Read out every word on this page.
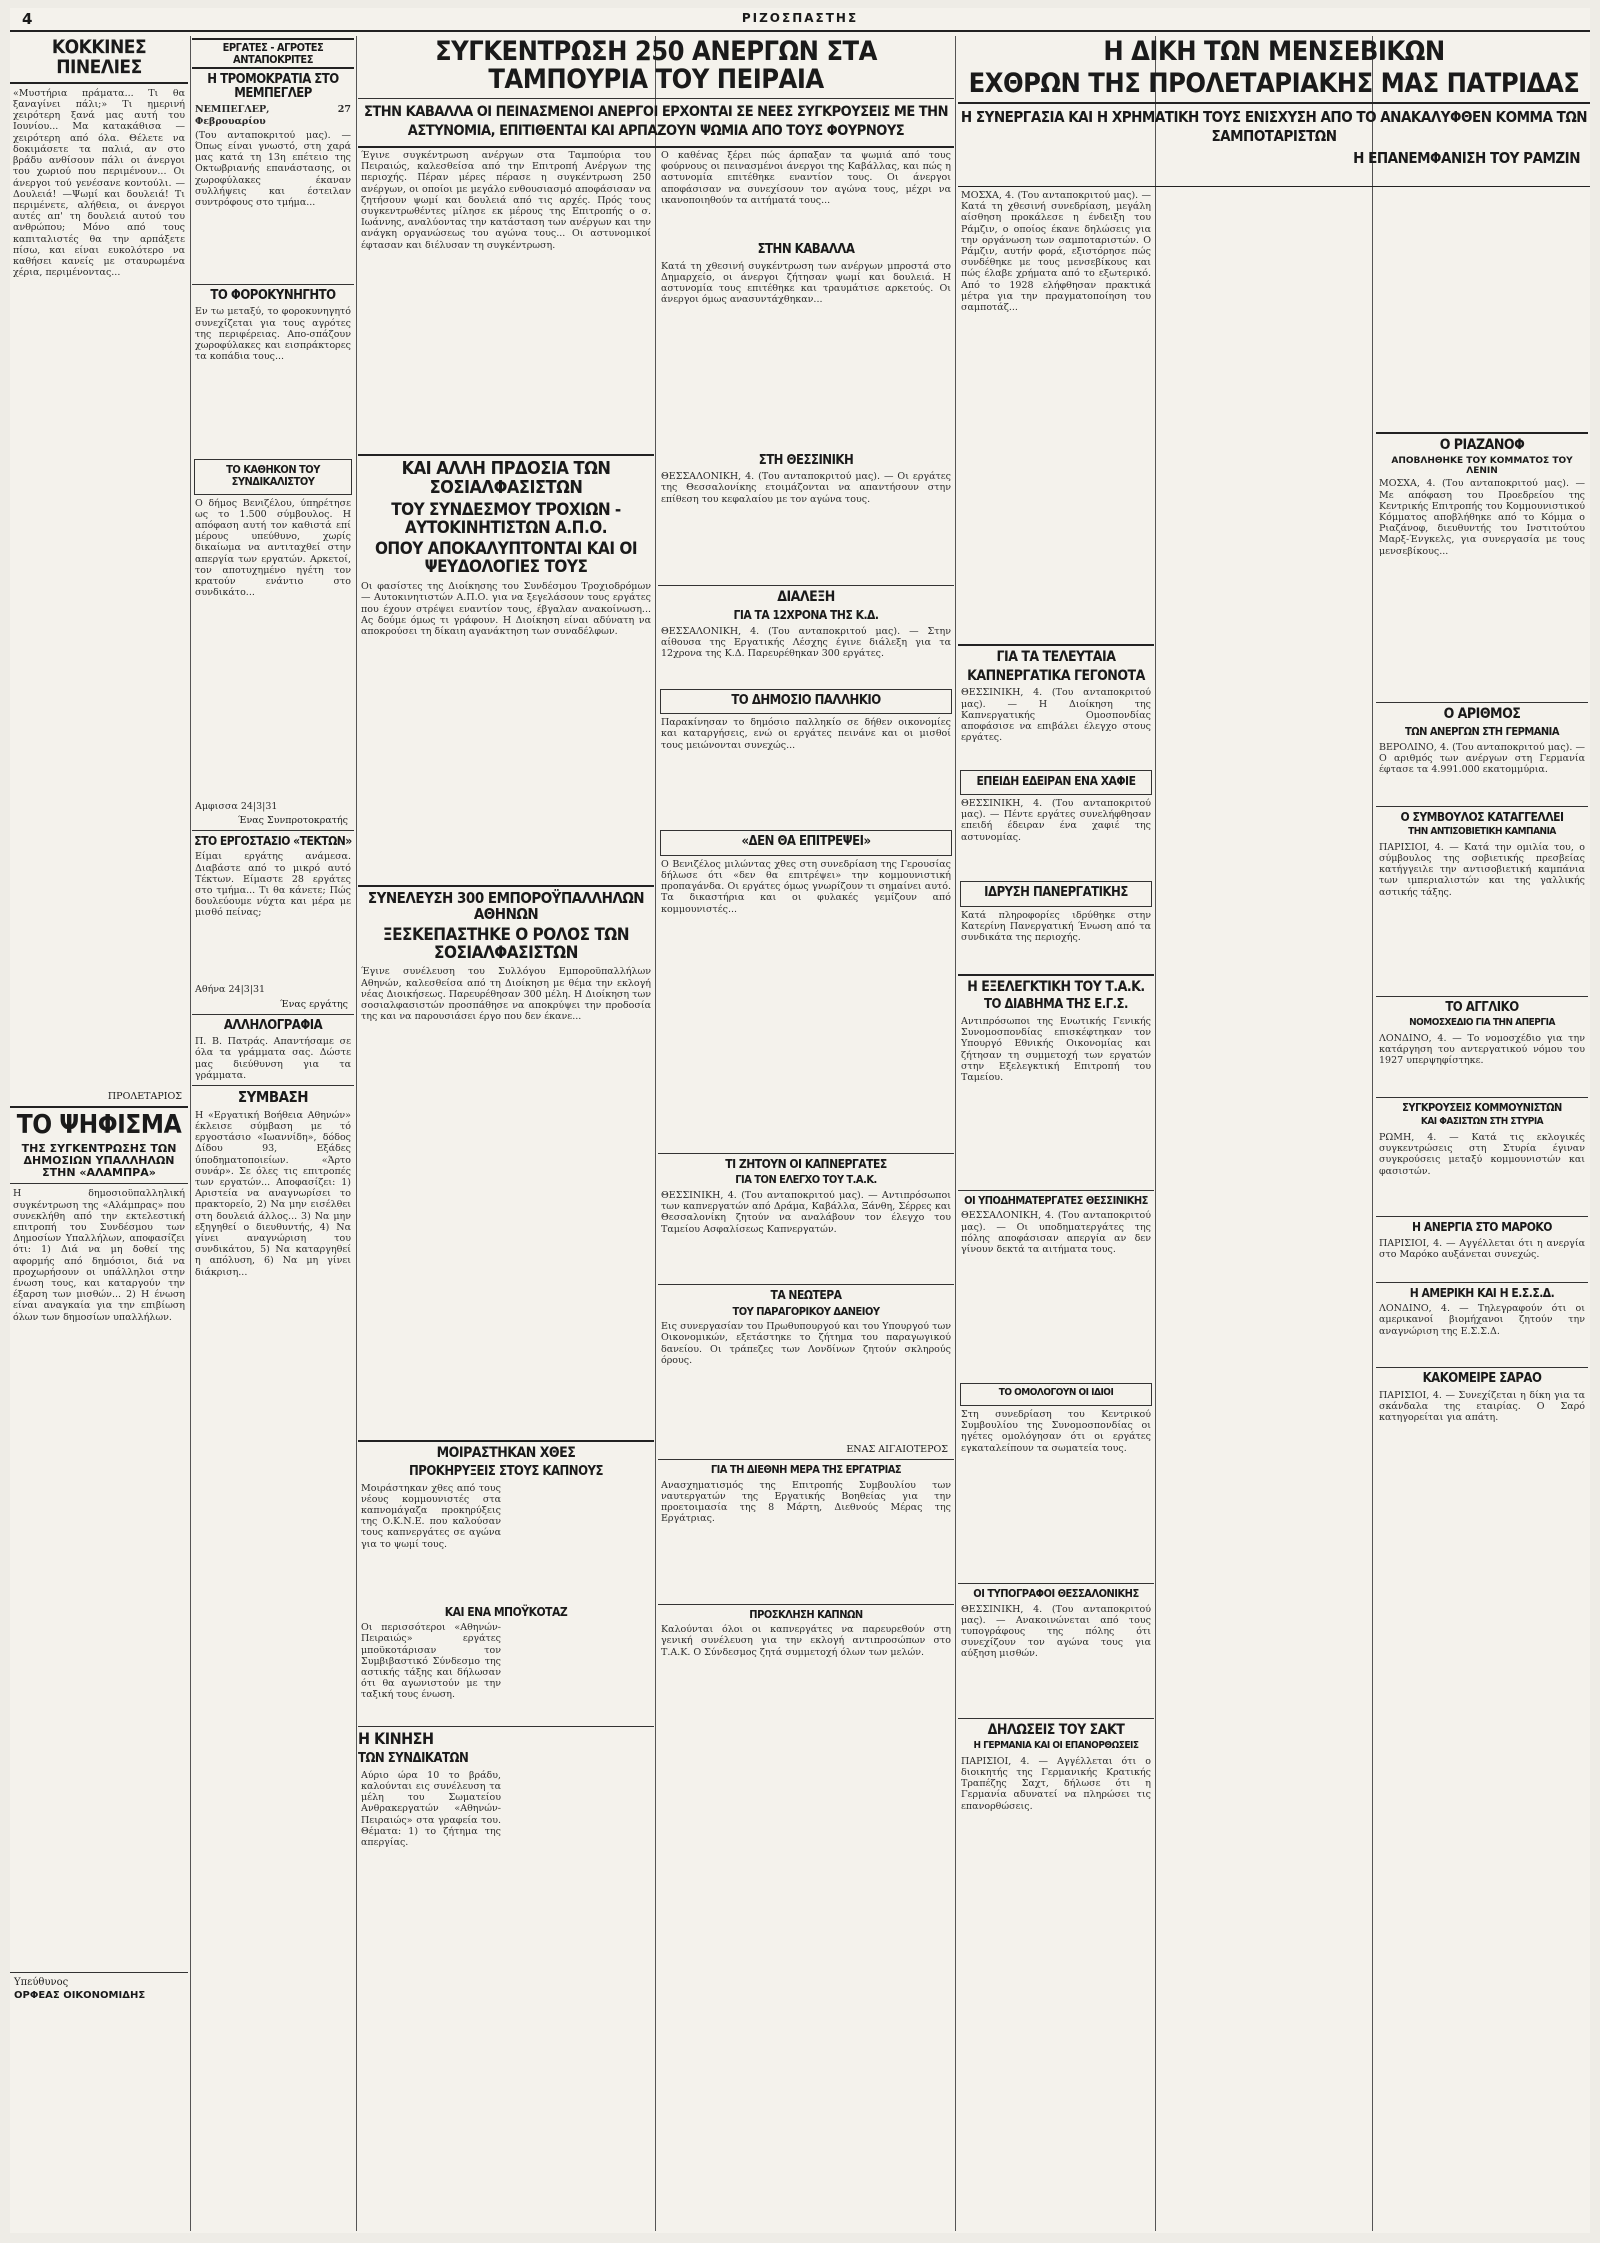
4	ΡΙΖΟΣΠΑΣΤΗΣ
ΚΟΚΚΙΝΕΣ ΠΙΝΕΛΙΕΣ
«Μυστήρια πράματα... Τι θα ξαναγίνει πάλι;» Τι ημερινή χειρότερη ξανά μας αυτή του Ιουνίου... Μα κατακάθισα — χειρότερη από όλα. Θέλετε να δοκιμάσετε τα παλιά, αν στο βράδυ ανθίσουν πάλι οι άνεργοι του χωριού που περιμένουν... Οι άνεργοι τού γενέσανε κοντούλι. —Δουλειά! —Ψωμί και δουλειά! Τι περιμένετε, αλήθεια, οι άνεργοι αυτές απ' τη δουλειά αυτού του ανθρώπου; Μόνο από τους καπιταλιστές θα την αρπάξετε πίσω, και είναι ευκολότερο να καθήσει κανείς με σταυρωμένα χέρια, περιμένοντας...
ΠΡΟΛΕΤΑΡΙΟΣ
ΤΟ ΨΗΦΙΣΜΑ
ΤΗΣ ΣΥΓΚΕΝΤΡΩΣΗΣ ΤΩΝ ΔΗΜΟΣΙΩΝ ΥΠΑΛΛΗΛΩΝ ΣΤΗΝ «ΑΛΑΜΠΡΑ»
Η δημοσιοϋπαλληλική συγκέντρωση της «Αλάμπρας» που συνεκλήθη από την εκτελεστική επιτροπή του Συνδέσμου των Δημοσίων Υπαλλήλων, αποφασίζει ότι: 1) Διά να μη δοθεί της αφορμής από δημόσιοι, διά να προχωρήσουν οι υπάλληλοι στην ένωση τους, και καταργούν την έξαρση των μισθών... 2) Η ένωση είναι αναγκαία για την επιβίωση όλων των δημοσίων υπαλλήλων.
Υπεύθυνος
ΟΡΦΕΑΣ ΟΙΚΟΝΟΜΙΔΗΣ
ΕΡΓΑΤΕΣ - ΑΓΡΟΤΕΣ ΑΝΤΑΠΟΚΡΙΤΕΣ
Η ΤΡΟΜΟΚΡΑΤΙΑ ΣΤΟ ΜΕΜΠΕΓΛΕΡ
ΝΕΜΠΕΓΛΕΡ, 27 Φεβρουαρίου
(Του ανταποκριτού μας). — Όπως είναι γνωστό, στη χαρά μας κατά τη 13η επέτειο της Οκτωβριανής επανάστασης, οι χωροφύλακες έκαναν συλλήψεις και έστειλαν συντρόφους στο τμήμα...
ΤΟ ΦΟΡΟΚΥΝΗΓΗΤΟ
Εν τω μεταξύ, το φοροκυνηγητό συνεχίζεται για τους αγρότες της περιφέρειας. Απο-σπάζουν χωροφύλακες και εισπράκτορες τα κοπάδια τους...
ΤΟ ΚΑΘΗΚΟΝ ΤΟΥ ΣΥΝΔΙΚΑΛΙΣΤΟΥ
Ο δήμος Βενιζέλου, ύπηρέτησε ως το 1.500 σύμβουλος. Η απόφαση αυτή τον καθιστά επί μέρους υπεύθυνο, χωρίς δικαίωμα να αντιταχθεί στην απεργία των εργατών. Αρκετοί, τον αποτυχημένο ηγέτη τον κρατούν ενάντιο στο συνδικάτο...
Αμφισσα 24|3|31
Ένας Συνπροτοκρατής
ΣΤΟ ΕΡΓΟΣΤΑΣΙΟ «ΤΕΚΤΩΝ»
Είμαι εργάτης ανάμεσα. Διαβάστε από το μικρό αυτό Τέκτων. Είμαστε 28 εργάτες στο τμήμα... Τι θα κάνετε; Πώς δουλεύουμε νύχτα και μέρα με μισθό πείνας;
Αθήνα 24|3|31
Ένας εργάτης
ΑΛΛΗΛΟΓΡΑΦΙΑ
Π. Β. Πατράς. Απαντήσαμε σε όλα τα γράμματα σας. Δώστε μας διεύθυνση για τα γράμματα.
ΣΥΜΒΑΣΗ
Η «Εργατική Βοήθεια Αθηνών» έκλεισε σύμβαση με τό εργοστάσιο «Ιωαννίδη», δόδος Δίδου 93, Εξάδες ύποδηματοποιείων. «Άρτο συνάρ». Σε όλες τις επιτροπές των εργατών... Αποφασίζει: 1) Αριστεία να αναγνωρίσει το πρακτορείο, 2) Να μην εισέλθει στη δουλειά άλλος... 3) Να μην εξηγηθεί ο διευθυντής, 4) Να γίνει αναγνώριση του συνδικάτου, 5) Να καταργηθεί η απόλυση, 6) Να μη γίνει διάκριση...
ΣΥΓΚΕΝΤΡΩΣΗ 250 ΑΝΕΡΓΩΝ ΣΤΑ ΤΑΜΠΟΥΡΙΑ ΤΟΥ ΠΕΙΡΑΙΑ
ΣΤΗΝ ΚΑΒΑΛΛΑ ΟΙ ΠΕΙΝΑΣΜΕΝΟΙ ΑΝΕΡΓΟΙ ΕΡΧΟΝΤΑΙ ΣΕ ΝΕΕΣ ΣΥΓΚΡΟΥΣΕΙΣ ΜΕ ΤΗΝ ΑΣΤΥΝΟΜΙΑ, ΕΠΙΤΙΘΕΝΤΑΙ ΚΑΙ ΑΡΠΑΖΟΥΝ ΨΩΜΙΑ ΑΠΟ ΤΟΥΣ ΦΟΥΡΝΟΥΣ
Έγινε συγκέντρωση ανέργων στα Ταμπούρια του Πειραιώς, καλεσθείσα από την Επιτροπή Ανέργων της περιοχής. Πέραν μέρες πέρασε η συγκέντρωση 250 ανέργων, οι οποίοι με μεγάλο ενθουσιασμό αποφάσισαν να ζητήσουν ψωμί και δουλειά από τις αρχές. Πρός τους συγκεντρωθέντες μίλησε εκ μέρους της Επιτροπής ο σ. Ιωάννης, αναλύοντας την κατάσταση των ανέργων και την ανάγκη οργανώσεως του αγώνα τους... Οι αστυνομικοί έφτασαν και διέλυσαν τη συγκέντρωση.
ΚΑΙ ΑΛΛΗ ΠΡΔΟΣΙΑ ΤΩΝ ΣΟΣΙΑΛΦΑΣΙΣΤΩΝ
ΤΟΥ ΣΥΝΔΕΣΜΟΥ ΤΡΟΧΙΩΝ - ΑΥΤΟΚΙΝΗΤΙΣΤΩΝ Α.Π.Ο.
ΟΠΟΥ ΑΠΟΚΑΛΥΠΤΟΝΤΑΙ ΚΑΙ ΟΙ ΨΕΥΔΟΛΟΓΙΕΣ ΤΟΥΣ
Οι φασίστες της Διοίκησης του Συνδέσμου Τροχιοδρόμων — Αυτοκινητιστών Α.Π.Ο. για να ξεγελάσουν τους εργάτες που έχουν στρέψει εναντίον τους, έβγαλαν ανακοίνωση... Ας δούμε όμως τι γράφουν. Η Διοίκηση είναι αδύνατη να αποκρούσει τη δίκαιη αγανάκτηση των συναδέλφων.
ΣΥΝΕΛΕΥΣΗ 300 ΕΜΠΟΡΟΫΠΑΛΛΗΛΩΝ ΑΘΗΝΩΝ
ΞΕΣΚΕΠΑΣΤΗΚΕ Ο ΡΟΛΟΣ ΤΩΝ ΣΟΣΙΑΛΦΑΣΙΣΤΩΝ
Έγινε συνέλευση του Συλλόγου Εμποροϋπαλλήλων Αθηνών, καλεσθείσα από τη Διοίκηση με θέμα την εκλογή νέας Διοικήσεως. Παρευρέθησαν 300 μέλη. Η Διοίκηση των σοσιαλφασιστών προσπάθησε να αποκρύψει την προδοσία της και να παρουσιάσει έργο που δεν έκανε...
ΜΟΙΡΑΣΤΗΚΑΝ ΧΘΕΣ
ΠΡΟΚΗΡΥΞΕΙΣ ΣΤΟΥΣ ΚΑΠΝΟΥΣ
Μοιράστηκαν χθες από τους νέους κομμουνιστές στα καπνομάγαζα προκηρύξεις της Ο.Κ.Ν.Ε. που καλούσαν τους καπνεργάτες σε αγώνα για το ψωμί τους.
ΚΑΙ ΕΝΑ ΜΠΟΫΚΟΤΑΖ
Οι περισσότεροι «Αθηνών-Πειραιώς» εργάτες μποϋκοτάρισαν τον Συμβιβαστικό Σύνδεσμο της αστικής τάξης και δήλωσαν ότι θα αγωνιστούν με την ταξική τους ένωση.
Η ΚΙΝΗΣΗ
ΤΩΝ ΣΥΝΔΙΚΑΤΩΝ
Αύριο ώρα 10 το βράδυ, καλούνται εις συνέλευση τα μέλη του Σωματείου Ανθρακεργατών «Αθηνών-Πειραιώς» στα γραφεία του. Θέματα: 1) το ζήτημα της απεργίας.
Ο καθένας ξέρει πώς άρπαξαν τα ψωμιά από τους φούρνους οι πεινασμένοι άνεργοι της Καβάλλας, και πώς η αστυνομία επιτέθηκε εναντίον τους. Οι άνεργοι αποφάσισαν να συνεχίσουν τον αγώνα τους, μέχρι να ικανοποιηθούν τα αιτήματά τους...
ΣΤΗΝ ΚΑΒΑΛΛΑ
Κατά τη χθεσινή συγκέντρωση των ανέργων μπροστά στο Δημαρχείο, οι άνεργοι ζήτησαν ψωμί και δουλειά. Η αστυνομία τους επιτέθηκε και τραυμάτισε αρκετούς. Οι άνεργοι όμως ανασυντάχθηκαν...
ΣΤΗ ΘΕΣΣΙΝΙΚΗ
ΘΕΣΣΑΛΟΝΙΚΗ, 4. (Του ανταποκριτού μας). — Οι εργάτες της Θεσσαλονίκης ετοιμάζονται να απαντήσουν στην επίθεση του κεφαλαίου με τον αγώνα τους.
ΔΙΑΛΕΞΗ
ΓΙΑ ΤΑ 12ΧΡΟΝΑ ΤΗΣ Κ.Δ.
ΘΕΣΣΑΛΟΝΙΚΗ, 4. (Του ανταποκριτού μας). — Στην αίθουσα της Εργατικής Λέσχης έγινε διάλεξη για τα 12χρονα της Κ.Δ. Παρευρέθηκαν 300 εργάτες.
ΤΟ ΔΗΜΟΣΙΟ ΠΑΛΛΗΚΙΟ
Παρακίνησαν το δημόσιο παλληκίο σε δήθεν οικονομίες και καταργήσεις, ενώ οι εργάτες πεινάνε και οι μισθοί τους μειώνονται συνεχώς...
«ΔΕΝ ΘΑ ΕΠΙΤΡΕΨΕΙ»
Ο Βενιζέλος μιλώντας χθες στη συνεδρίαση της Γερουσίας δήλωσε ότι «δεν θα επιτρέψει» την κομμουνιστική προπαγάνδα. Οι εργάτες όμως γνωρίζουν τι σημαίνει αυτό. Τα δικαστήρια και οι φυλακές γεμίζουν από κομμουνιστές...
ΤΙ ΖΗΤΟΥΝ ΟΙ ΚΑΠΝΕΡΓΑΤΕΣ
ΓΙΑ ΤΟΝ ΕΛΕΓΧΟ ΤΟΥ Τ.Α.Κ.
ΘΕΣΣΙΝΙΚΗ, 4. (Του ανταποκριτού μας). — Αντιπρόσωποι των καπνεργατών από Δράμα, Καβάλλα, Ξάνθη, Σέρρες και Θεσσαλονίκη ζητούν να αναλάβουν τον έλεγχο του Ταμείου Ασφαλίσεως Καπνεργατών.
ΤΑ ΝΕΩΤΕΡΑ
ΤΟΥ ΠΑΡΑΓΟΡΙΚΟΥ ΔΑΝΕΙΟΥ
Εις συνεργασίαν του Πρωθυπουργού και του Υπουργού των Οικονομικών, εξετάστηκε το ζήτημα του παραγωγικού δανείου. Οι τράπεζες των Λονδίνων ζητούν σκληρούς όρους.
ΕΝΑΣ ΑΙΓΑΙΟΤΕΡΟΣ
ΓΙΑ ΤΗ ΔΙΕΘΝΗ ΜΕΡΑ ΤΗΣ ΕΡΓΑΤΡΙΑΣ
Ανασχηματισμός της Επιτροπής Συμβουλίου των ναυτεργατών της Εργατικής Βοηθείας για την προετοιμασία της 8 Μάρτη, Διεθνούς Μέρας της Εργάτριας.
ΠΡΟΣΚΛΗΣΗ ΚΑΠΝΩΝ
Καλούνται όλοι οι καπνεργάτες να παρευρεθούν στη γενική συνέλευση για την εκλογή αντιπροσώπων στο Τ.Α.Κ. Ο Σύνδεσμος ζητά συμμετοχή όλων των μελών.
Η ΔΙΚΗ ΤΩΝ ΜΕΝΣΕΒΙΚΩΝ
ΕΧΘΡΩΝ ΤΗΣ ΠΡΟΛΕΤΑΡΙΑΚΗΣ ΜΑΣ ΠΑΤΡΙΔΑΣ
Η ΣΥΝΕΡΓΑΣΙΑ ΚΑΙ Η ΧΡΗΜΑΤΙΚΗ ΤΟΥΣ ΕΝΙΣΧΥΣΗ ΑΠΟ ΤΟ ΑΝΑΚΑΛΥΦΘΕΝ ΚΟΜΜΑ ΤΩΝ ΣΑΜΠΟΤΑΡΙΣΤΩΝ
Η ΕΠΑΝΕΜΦΑΝΙΣΗ ΤΟΥ ΡΑΜΖΙΝ
ΜΟΣΧΑ, 4. (Του ανταποκριτού μας). — Κατά τη χθεσινή συνεδρίαση, μεγάλη αίσθηση προκάλεσε η ένδειξη του Ράμζιν, ο οποίος έκανε δηλώσεις για την οργάνωση των σαμποταριστών. Ο Ράμζιν, αυτήν φορά, εξιστόρησε πώς συνδέθηκε με τους μενσεβίκους και πώς έλαβε χρήματα από το εξωτερικό. Από το 1928 ελήφθησαν πρακτικά μέτρα για την πραγματοποίηση του σαμποτάζ...
ΓΙΑ ΤΑ ΤΕΛΕΥΤΑΙΑ
ΚΑΠΝΕΡΓΑΤΙΚΑ ΓΕΓΟΝΟΤΑ
ΘΕΣΣΙΝΙΚΗ, 4. (Του ανταποκριτού μας). — Η Διοίκηση της Καπνεργατικής Ομοσπονδίας αποφάσισε να επιβάλει έλεγχο στους εργάτες.
ΕΠΕΙΔΗ ΕΔΕΙΡΑΝ ΕΝΑ ΧΑΦΙΕ
ΘΕΣΣΙΝΙΚΗ, 4. (Του ανταποκριτού μας). — Πέντε εργάτες συνελήφθησαν επειδή έδειραν ένα χαφιέ της αστυνομίας.
ΙΔΡΥΣΗ ΠΑΝΕΡΓΑΤΙΚΗΣ
Κατά πληροφορίες ιδρύθηκε στην Κατερίνη Πανεργατική Ένωση από τα συνδικάτα της περιοχής.
Η ΕΞΕΛΕΓΚΤΙΚΗ ΤΟΥ Τ.Α.Κ.
ΤΟ ΔΙΑΒΗΜΑ ΤΗΣ Ε.Γ.Σ.
Αντιπρόσωποι της Ενωτικής Γενικής Συνομοσπονδίας επισκέφτηκαν τον Υπουργό Εθνικής Οικονομίας και ζήτησαν τη συμμετοχή των εργατών στην Εξελεγκτική Επιτροπή του Ταμείου.
ΟΙ ΥΠΟΔΗΜΑΤΕΡΓΑΤΕΣ ΘΕΣΣΙΝΙΚΗΣ
ΘΕΣΣΑΛΟΝΙΚΗ, 4. (Του ανταποκριτού μας). — Οι υποδηματεργάτες της πόλης αποφάσισαν απεργία αν δεν γίνουν δεκτά τα αιτήματα τους.
ΤΟ ΟΜΟΛΟΓΟΥΝ ΟΙ ΙΔΙΟΙ
Στη συνεδρίαση του Κεντρικού Συμβουλίου της Συνομοσπονδίας οι ηγέτες ομολόγησαν ότι οι εργάτες εγκαταλείπουν τα σωματεία τους.
ΟΙ ΤΥΠΟΓΡΑΦΟΙ ΘΕΣΣΑΛΟΝΙΚΗΣ
ΘΕΣΣΙΝΙΚΗ, 4. (Του ανταποκριτού μας). — Ανακοινώνεται από τους τυπογράφους της πόλης ότι συνεχίζουν τον αγώνα τους για αύξηση μισθών.
ΔΗΛΩΣΕΙΣ ΤΟΥ ΣΑΚΤ
Η ΓΕΡΜΑΝΙΑ ΚΑΙ ΟΙ ΕΠΑΝΟΡΘΩΣΕΙΣ
ΠΑΡΙΣΙΟΙ, 4. — Αγγέλλεται ότι ο διοικητής της Γερμανικής Κρατικής Τραπέζης Σαχτ, δήλωσε ότι η Γερμανία αδυνατεί να πληρώσει τις επανορθώσεις.
Ο ΡΙΑΖΑΝΟΦ
ΑΠΟΒΛΗΘΗΚΕ ΤΟΥ ΚΟΜΜΑΤΟΣ ΤΟΥ ΛΕΝΙΝ
ΜΟΣΧΑ, 4. (Του ανταποκριτού μας). — Με απόφαση του Προεδρείου της Κεντρικής Επιτροπής του Κομμουνιστικού Κόμματος αποβλήθηκε από το Κόμμα ο Ριαζάνοφ, διευθυντής του Ινστιτούτου Μαρξ-Ένγκελς, για συνεργασία με τους μενσεβίκους...
Ο ΑΡΙΘΜΟΣ
ΤΩΝ ΑΝΕΡΓΩΝ ΣΤΗ ΓΕΡΜΑΝΙΑ
ΒΕΡΟΛΙΝΟ, 4. (Του ανταποκριτού μας). — Ο αριθμός των ανέργων στη Γερμανία έφτασε τα 4.991.000 εκατομμύρια.
Ο ΣΥΜΒΟΥΛΟΣ ΚΑΤΑΓΓΕΛΛΕΙ
ΤΗΝ ΑΝΤΙΣΟΒΙΕΤΙΚΗ ΚΑΜΠΑΝΙΑ
ΠΑΡΙΣΙΟΙ, 4. — Κατά την ομιλία του, ο σύμβουλος της σοβιετικής πρεσβείας κατήγγειλε την αντισοβιετική καμπάνια των ιμπεριαλιστών και της γαλλικής αστικής τάξης.
ΤΟ ΑΓΓΛΙΚΟ
ΝΟΜΟΣΧΕΔΙΟ ΓΙΑ ΤΗΝ ΑΠΕΡΓΙΑ
ΛΟΝΔΙΝΟ, 4. — Το νομοσχέδιο για την κατάργηση του αντεργατικού νόμου του 1927 υπερψηφίστηκε.
ΣΥΓΚΡΟΥΣΕΙΣ ΚΟΜΜΟΥΝΙΣΤΩΝ
ΚΑΙ ΦΑΣΙΣΤΩΝ ΣΤΗ ΣΤΥΡΙΑ
ΡΩΜΗ, 4. — Κατά τις εκλογικές συγκεντρώσεις στη Στυρία έγιναν συγκρούσεις μεταξύ κομμουνιστών και φασιστών.
Η ΑΝΕΡΓΙΑ ΣΤΟ ΜΑΡΟΚΟ
ΠΑΡΙΣΙΟΙ, 4. — Αγγέλλεται ότι η ανεργία στο Μαρόκο αυξάνεται συνεχώς.
Η ΑΜΕΡΙΚΗ ΚΑΙ Η Ε.Σ.Σ.Δ.
ΛΟΝΔΙΝΟ, 4. — Τηλεγραφούν ότι οι αμερικανοί βιομήχανοι ζητούν την αναγνώριση της Ε.Σ.Σ.Δ.
ΚΑΚΟΜΕΙΡΕ ΣΑΡΑΟ
ΠΑΡΙΣΙΟΙ, 4. — Συνεχίζεται η δίκη για τα σκάνδαλα της εταιρίας. Ο Σαρό κατηγορείται για απάτη.
